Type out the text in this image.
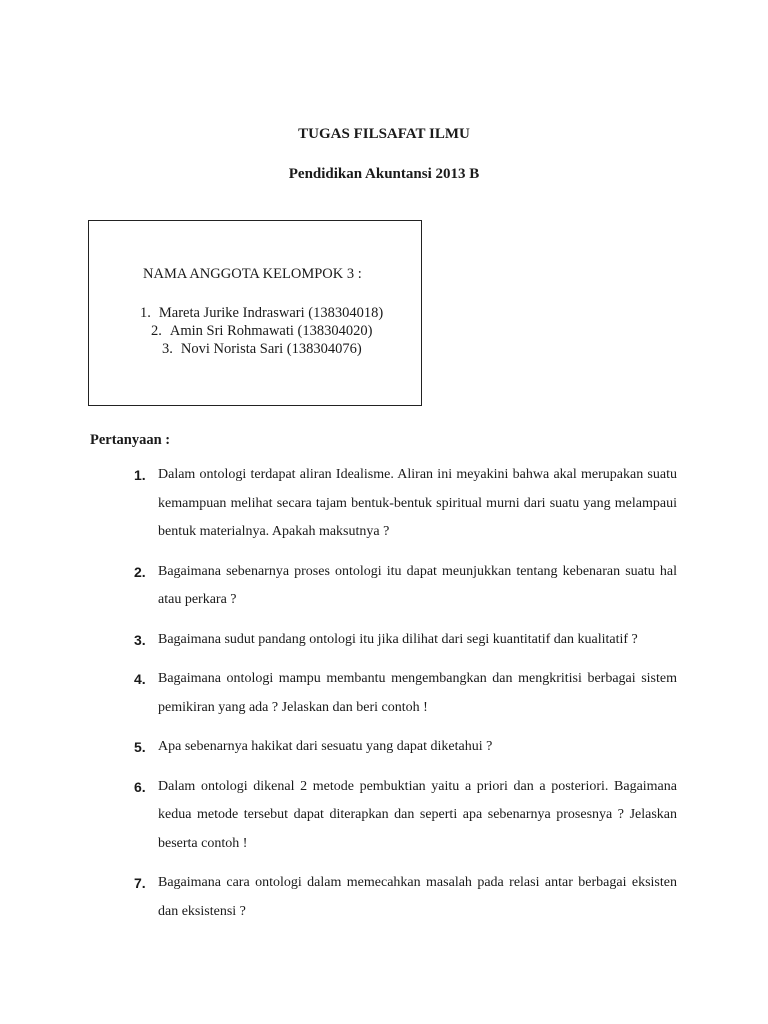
TUGAS FILSAFAT ILMU
Pendidikan Akuntansi 2013 B
NAMA ANGGOTA KELOMPOK 3 :
1. Mareta Jurike Indraswari (138304018)
2. Amin Sri Rohmawati (138304020)
3. Novi Norista Sari (138304076)
Pertanyaan :
1. Dalam ontologi terdapat aliran Idealisme. Aliran ini meyakini bahwa akal merupakan suatu kemampuan melihat secara tajam bentuk-bentuk spiritual murni dari suatu yang melampaui bentuk materialnya. Apakah maksutnya ?
2. Bagaimana sebenarnya proses ontologi itu dapat meunjukkan tentang kebenaran suatu hal atau perkara ?
3. Bagaimana sudut pandang ontologi itu jika dilihat dari segi kuantitatif dan kualitatif ?
4. Bagaimana ontologi mampu membantu mengembangkan dan mengkritisi berbagai sistem pemikiran yang ada ? Jelaskan dan beri contoh !
5. Apa sebenarnya hakikat dari sesuatu yang dapat diketahui ?
6. Dalam ontologi dikenal 2 metode pembuktian yaitu a priori dan a posteriori. Bagaimana kedua metode tersebut dapat diterapkan dan seperti apa sebenarnya prosesnya ? Jelaskan beserta contoh !
7. Bagaimana cara ontologi dalam memecahkan masalah pada relasi antar berbagai eksisten dan eksistensi ?
